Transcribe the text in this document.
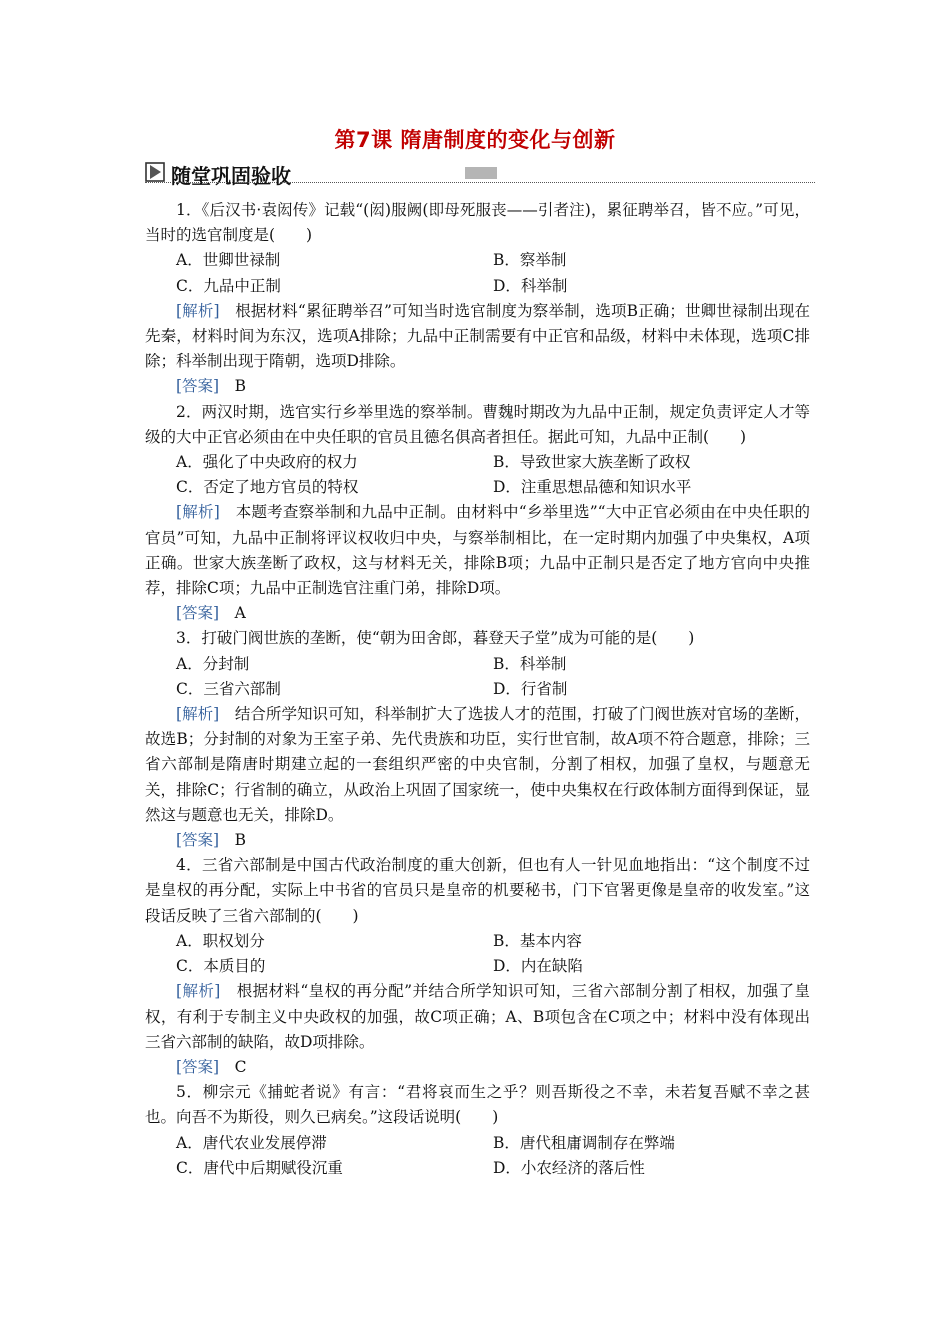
第7课 隋唐制度的变化与创新
随堂巩固验收

1．《后汉书·袁闳传》记载“(闳)服阙(即母死服丧——引者注)，累征聘举召，皆不应。”可见，当时的选官制度是(　　)

A．世卿世禄制	B．察举制
C．九品中正制	D．科举制

[解析]　 根据材料“累征聘举召”可知当时选官制度为察举制，选项B正确；世卿世禄制出现在先秦，材料时间为东汉，选项A排除；九品中正制需要有中正官和品级，材料中未体现，选项C排除；科举制出现于隋朝，选项D排除。

[答案]　 B

2．两汉时期，选官实行乡举里选的察举制。曹魏时期改为九品中正制，规定负责评定人才等级的大中正官必须由在中央任职的官员且德名俱高者担任。据此可知，九品中正制(　　)

A．强化了中央政府的权力	B．导致世家大族垄断了政权
C．否定了地方官员的特权	D．注重思想品德和知识水平

[解析]　 本题考查察举制和九品中正制。由材料中“乡举里选”“大中正官必须由在中央任职的官员”可知，九品中正制将评议权收归中央，与察举制相比，在一定时期内加强了中央集权，A项正确。世家大族垄断了政权，这与材料无关，排除B项；九品中正制只是否定了地方官向中央推荐，排除C项；九品中正制选官注重门弟，排除D项。

[答案]　 A

3．打破门阀世族的垄断，使“朝为田舍郎，暮登天子堂”成为可能的是(　　)

A．分封制	B．科举制
C．三省六部制	D．行省制

[解析]　 结合所学知识可知，科举制扩大了选拔人才的范围，打破了门阀世族对官场的垄断，故选B；分封制的对象为王室子弟、先代贵族和功臣，实行世官制，故A项不符合题意，排除；三省六部制是隋唐时期建立起的一套组织严密的中央官制，分割了相权，加强了皇权，与题意无关，排除C；行省制的确立，从政治上巩固了国家统一，使中央集权在行政体制方面得到保证，显然这与题意也无关，排除D。

[答案]　 B

4．三省六部制是中国古代政治制度的重大创新，但也有人一针见血地指出：“这个制度不过是皇权的再分配，实际上中书省的官员只是皇帝的机要秘书，门下官署更像是皇帝的收发室。”这段话反映了三省六部制的(　　)

A．职权划分	B．基本内容
C．本质目的	D．内在缺陷

[解析]　 根据材料“皇权的再分配”并结合所学知识可知，三省六部制分割了相权，加强了皇权，有利于专制主义中央政权的加强，故C项正确；A、B项包含在C项之中；材料中没有体现出三省六部制的缺陷，故D项排除。

[答案]　 C

5．柳宗元《捕蛇者说》有言：“君将哀而生之乎？则吾斯役之不幸，未若复吾赋不幸之甚也。向吾不为斯役，则久已病矣。”这段话说明(　　)

A．唐代农业发展停滞	B．唐代租庸调制存在弊端
C．唐代中后期赋役沉重	D．小农经济的落后性
